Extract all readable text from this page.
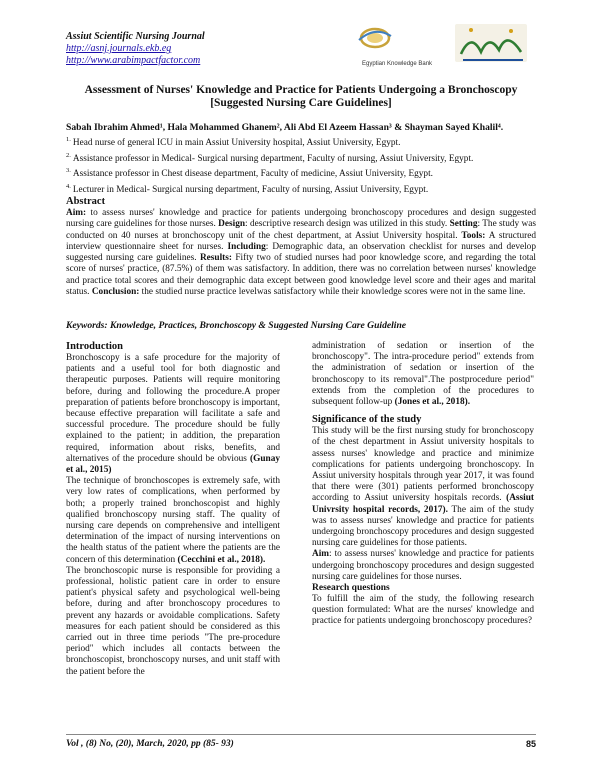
Assiut Scientific Nursing Journal
http://asnj.journals.ekb.eg
http://www.arabimpactfactor.com	Egyptian Knowledge Bank
Assessment of Nurses' Knowledge and Practice for Patients Undergoing a Bronchoscopy
[Suggested Nursing Care Guidelines]
Sabah Ibrahim Ahmed¹, Hala Mohammed Ghanem², Ali Abd El Azeem Hassan³ & Shayman Sayed Khalil⁴.
$^{1.}$ Head nurse of general ICU in main Assiut University hospital, Assiut University, Egypt.
$^{2.}$ Assistance professor in Medical- Surgical nursing department, Faculty of nursing, Assiut University, Egypt.
$^{3.}$ Assistance professor in Chest disease department, Faculty of medicine, Assiut University, Egypt.
$^{4.}$ Lecturer in Medical- Surgical nursing department, Faculty of nursing, Assiut University, Egypt.
Abstract
Aim: to assess nurses' knowledge and practice for patients undergoing bronchoscopy procedures and design suggested nursing care guidelines for those nurses. Design: descriptive research design was utilized in this study. Setting: The study was conducted on 40 nurses at bronchoscopy unit of the chest department, at Assiut University hospital. Tools: A structured interview questionnaire sheet for nurses. Including: Demographic data, an observation checklist for nurses and develop suggested nursing care guidelines. Results: Fifty two of studied nurses had poor knowledge score, and regarding the total score of nurses' practice, (87.5%) of them was satisfactory. In addition, there was no correlation between nurses' knowledge and practice total scores and their demographic data except between good knowledge level score and their ages and marital status. Conclusion: the studied nurse practice levelwas satisfactory while their knowledge scores were not in the same line.
Keywords: Knowledge, Practices, Bronchoscopy & Suggested Nursing Care Guideline
Introduction

Bronchoscopy is a safe procedure for the majority of patients and a useful tool for both diagnostic and therapeutic purposes. Patients will require monitoring before, during and following the procedure.A proper preparation of patients before bronchoscopy is important, because effective preparation will facilitate a safe and successful procedure. The procedure should be fully explained to the patient; in addition, the preparation required, information about risks, benefits, and alternatives of the procedure should be obvious (Gunay et al., 2015)

The technique of bronchoscopes is extremely safe, with very low rates of complications, when performed by both; a properly trained bronchoscopist and highly qualified bronchoscopy nursing staff. The quality of nursing care depends on comprehensive and intelligent determination of the impact of nursing interventions on the health status of the patient where the patients are the concern of this determination (Cecchini et al., 2018).

The bronchoscopic nurse is responsible for providing a professional, holistic patient care in order to ensure patient's physical safety and psychological well-being before, during and after bronchoscopy procedures to prevent any hazards or avoidable complications. Safety measures for each patient should be considered as this carried out in three time periods "The pre-procedure period" which includes all contacts between the bronchoscopist, bronchoscopy nurses, and unit staff with the patient before the

administration of sedation or insertion of the bronchoscopy". The intra-procedure period" extends from the administration of sedation or insertion of the bronchoscopy to its removal".The postprocedure period" extends from the completion of the procedures to subsequent follow-up (Jones et al., 2018).

Significance of the study

This study will be the first nursing study for bronchoscopy of the chest department in Assiut university hospitals to assess nurses' knowledge and practice and minimize complications for patients undergoing bronchoscopy. In Assiut university hospitals through year 2017, it was found that there were (301) patients performed bronchoscopy according to Assiut university hospitals records. (Assiut Univrsity hospital records, 2017). The aim of the study was to assess nurses' knowledge and practice for patients undergoing bronchoscopy procedures and design suggested nursing care guidelines for those patients.

Aim: to assess nurses' knowledge and practice for patients undergoing bronchoscopy procedures and design suggested nursing care guidelines for those nurses.

Research questions

To fulfill the aim of the study, the following research question formulated: What are the nurses' knowledge and practice for patients undergoing bronchoscopy procedures?

Vol , (8) No, (20), March, 2020, pp (85- 93)	85
